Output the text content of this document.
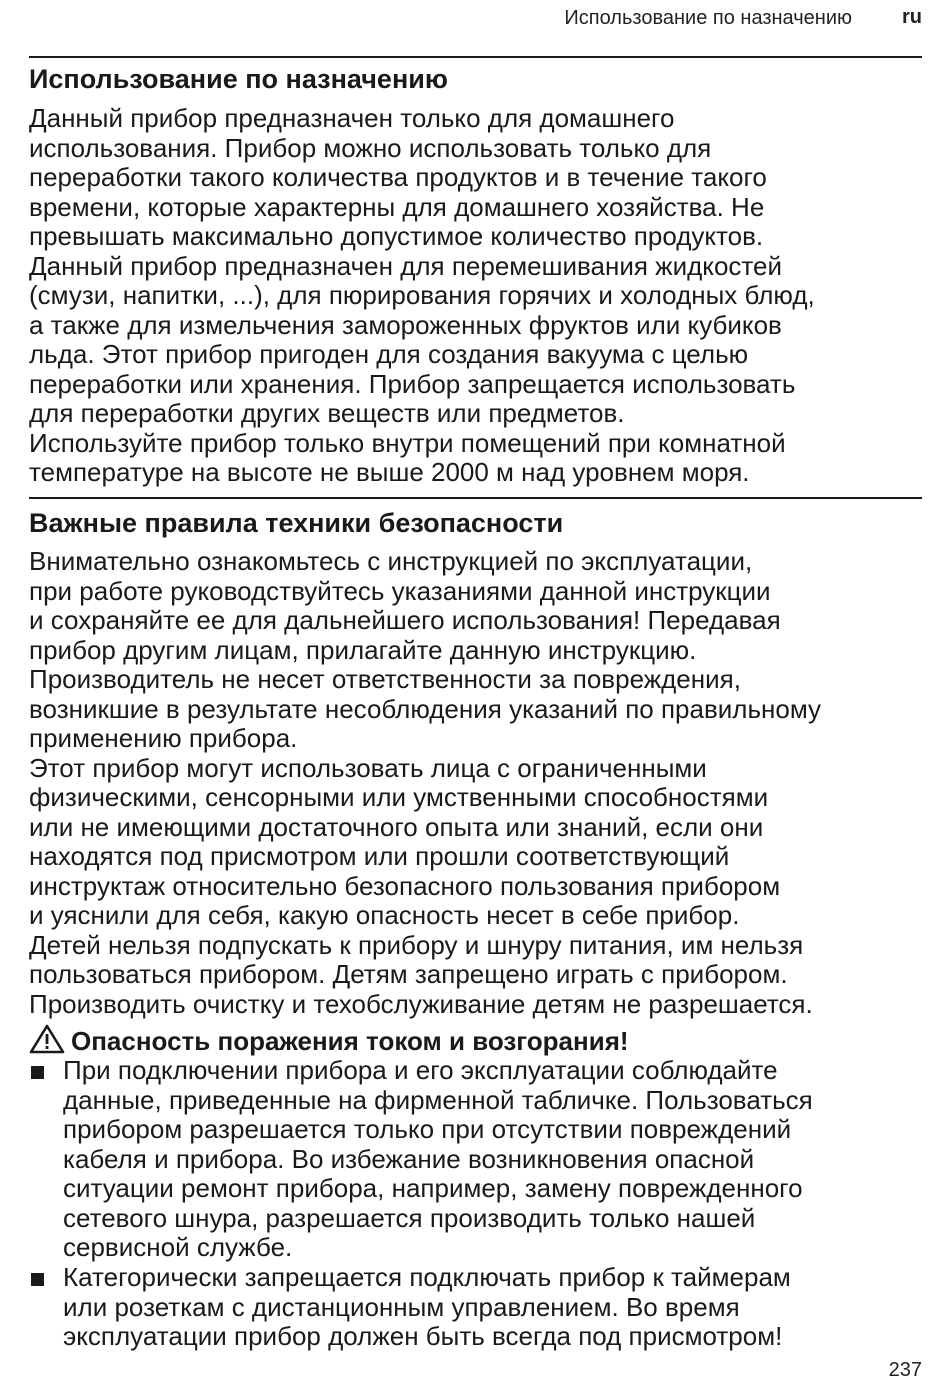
Использование по назначению	ru
Использование по назначению
Данный прибор предназначен только для домашнего
использования. Прибор можно использовать только для
переработки такого количества продуктов и в течение такого
времени, которые характерны для домашнего хозяйства. Не
превышать максимально допустимое количество продуктов.
Данный прибор предназначен для перемешивания жидкостей
(смузи, напитки, ...), для пюрирования горячих и холодных блюд,
а также для измельчения замороженных фруктов или кубиков
льда. Этот прибор пригоден для создания вакуума с целью
переработки или хранения. Прибор запрещается использовать
для переработки других веществ или предметов.
Используйте прибор только внутри помещений при комнатной
температуре на высоте не выше 2000 м над уровнем моря.
Важные правила техники безопасности
Внимательно ознакомьтесь с инструкцией по эксплуатации,
при работе руководствуйтесь указаниями данной инструкции
и сохраняйте ее для дальнейшего использования! Передавая
прибор другим лицам, прилагайте данную инструкцию.
Производитель не несет ответственности за повреждения,
возникшие в результате несоблюдения указаний по правильному
применению прибора.
Этот прибор могут использовать лица с ограниченными
физическими, сенсорными или умственными способностями
или не имеющими достаточного опыта или знаний, если они
находятся под присмотром или прошли соответствующий
инструктаж относительно безопасного пользования прибором
и уяснили для себя, какую опасность несет в себе прибор.
Детей нельзя подпускать к прибору и шнуру питания, им нельзя
пользоваться прибором. Детям запрещено играть с прибором.
Производить очистку и техобслуживание детям не разрешается.
Опасность поражения током и возгорания!
При подключении прибора и его эксплуатации соблюдайте
данные, приведенные на фирменной табличке. Пользоваться
прибором разрешается только при отсутствии повреждений
кабеля и прибора. Во избежание возникновения опасной
ситуации ремонт прибора, например, замену поврежденного
сетевого шнура, разрешается производить только нашей
сервисной службе.
Категорически запрещается подключать прибор к таймерам
или розеткам с дистанционным управлением. Во время
эксплуатации прибор должен быть всегда под присмотром!
237
